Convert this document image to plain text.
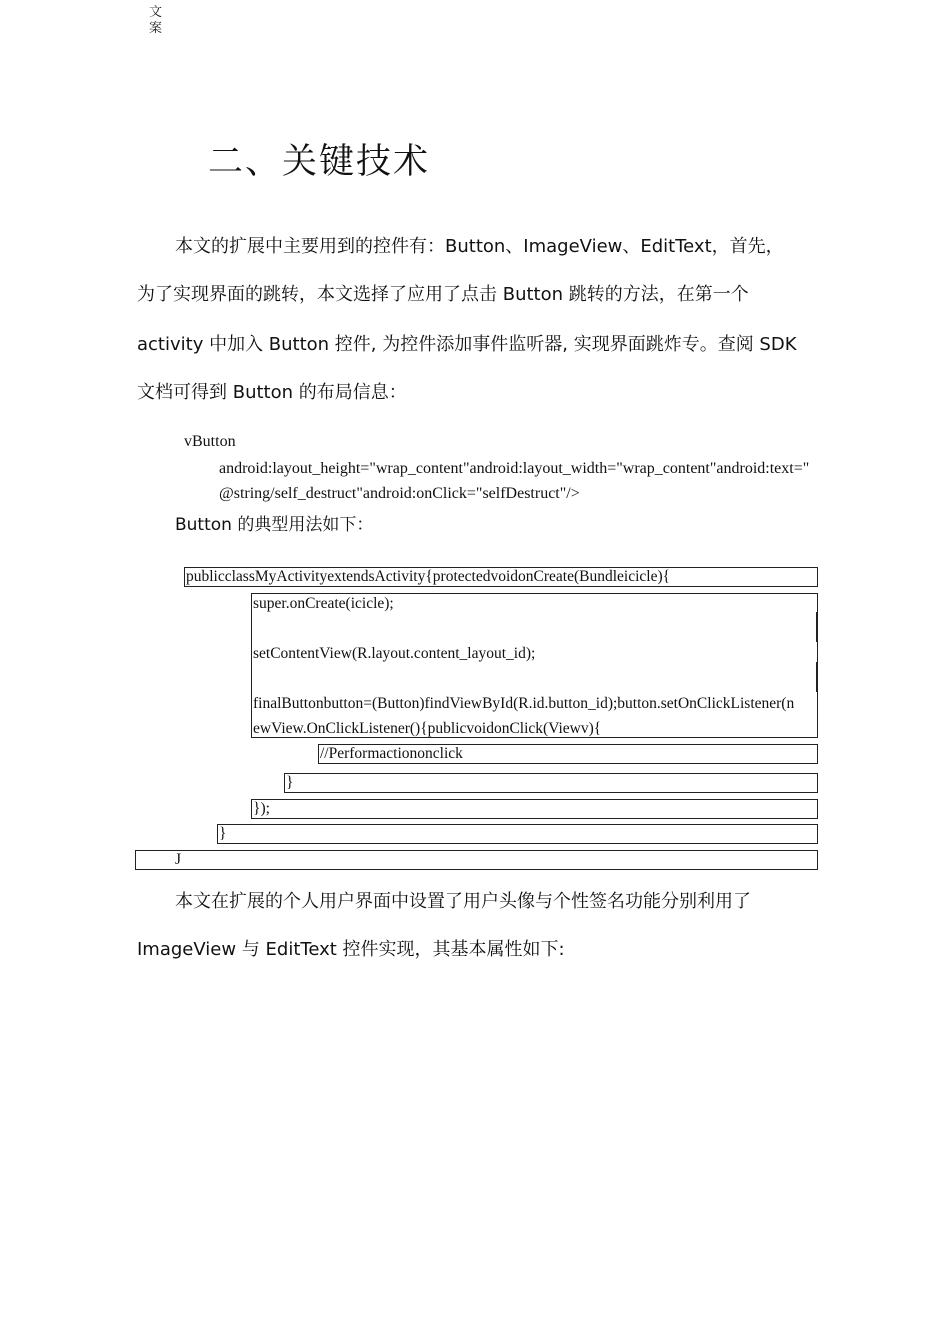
文
案
二、关键技术
本文的扩展中主要用到的控件有：Button、ImageView、EditText，首先，
为了实现界面的跳转，本文选择了应用了点击 Button 跳转的方法，在第一个
activity 中加入 Button 控件, 为控件添加事件监听器, 实现界面跳炸专。查阅 SDK
文档可得到 Button 的布局信息：
vButton
android:layout_height="wrap_content"android:layout_width="wrap_content"android:text="
@string/self_destruct"android:onClick="selfDestruct"/>
Button 的典型用法如下：
publicclassMyActivityextendsActivity{protectedvoidonCreate(Bundleicicle){
super.onCreate(icicle);
setContentView(R.layout.content_layout_id);
finalButtonbutton=(Button)findViewById(R.id.button_id);button.setOnClickListener(n
ewView.OnClickListener(){publicvoidonClick(Viewv){
//Performactiononclick
}
});
}
J
本文在扩展的个人用户界面中设置了用户头像与个性签名功能分别利用了
ImageView 与 EditText 控件实现，其基本属性如下:
